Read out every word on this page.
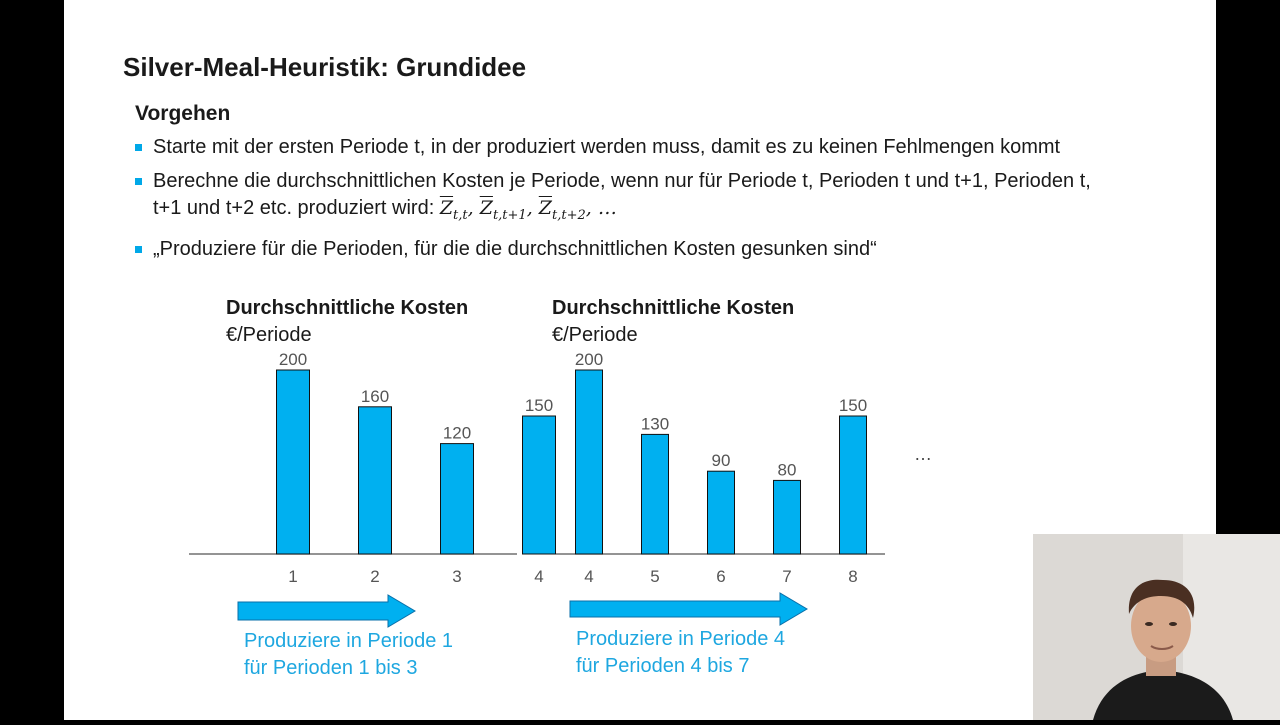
Silver-Meal-Heuristik: Grundidee
Vorgehen
Starte mit der ersten Periode t, in der produziert werden muss, damit es zu keinen Fehlmengen kommt
Berechne die durchschnittlichen Kosten je Periode, wenn nur für Periode t, Perioden t und t+1, Perioden t, t+1 und t+2 etc. produziert wird: $\overline{Z}_{t,t}$, $\overline{Z}_{t,t+1}$, $\overline{Z}_{t,t+2}$, …
„Produziere für die Perioden, für die die durchschnittlichen Kosten gesunken sind“
Durchschnittliche Kosten
€/Periode
200
1
160
2
120
3
150
4
Produziere in Periode 1
für Perioden 1 bis 3
Durchschnittliche Kosten
€/Periode
200
4
130
5
90
6
80
7
150
8
Produziere in Periode 4
für Perioden 4 bis 7
…
